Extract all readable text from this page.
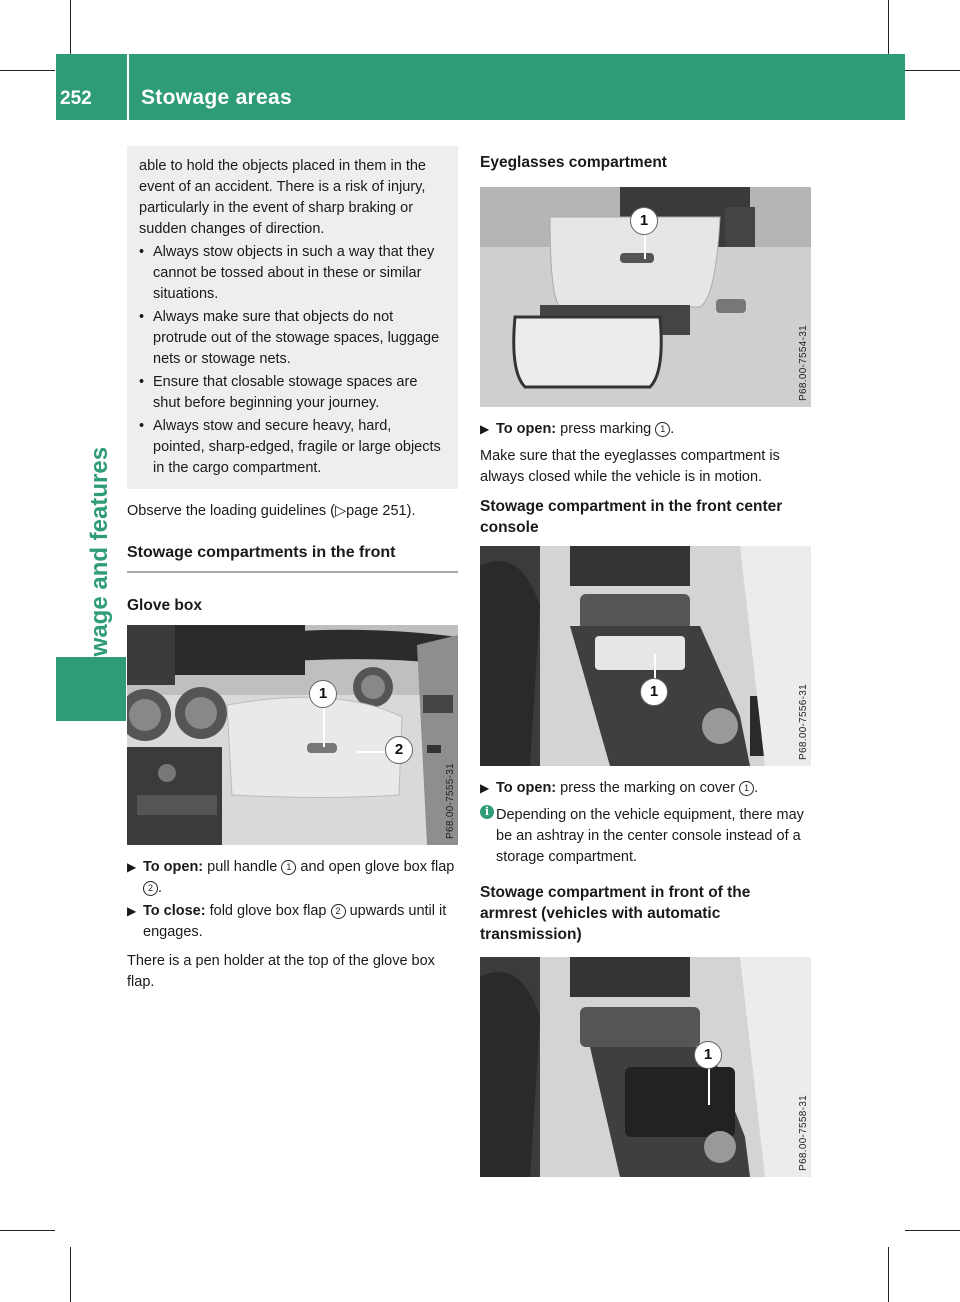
252 Stowage areas
Stowage and features

able to hold the objects placed in them in the event of an accident. There is a risk of injury, particularly in the event of sharp braking or sudden changes of direction.

• Always stow objects in such a way that they cannot be tossed about in these or similar situations.
• Always make sure that objects do not protrude out of the stowage spaces, luggage nets or stowage nets.
• Ensure that closable stowage spaces are shut before beginning your journey.
• Always stow and secure heavy, hard, pointed, sharp-edged, fragile or large objects in the cargo compartment.

Observe the loading guidelines (▷page 251).

Stowage compartments in the front

Glove box

1
2
P68.00-7555-31
▶ To open: pull handle 1 and open glove box flap 2 .
▶ To close: fold glove box flap 2 upwards until it engages.

There is a pen holder at the top of the glove box flap.

Eyeglasses compartment

1
P68.00-7554-31
▶ To open: press marking 1 .

Make sure that the eyeglasses compartment is always closed while the vehicle is in motion.

Stowage compartment in the front center console

1	P68.00-7556-31
▶ To open: press the marking on cover 1 .
i Depending on the vehicle equipment, there may be an ashtray in the center console instead of a storage compartment.

Stowage compartment in front of the armrest (vehicles with automatic transmission)

1
P68.00-7558-31
